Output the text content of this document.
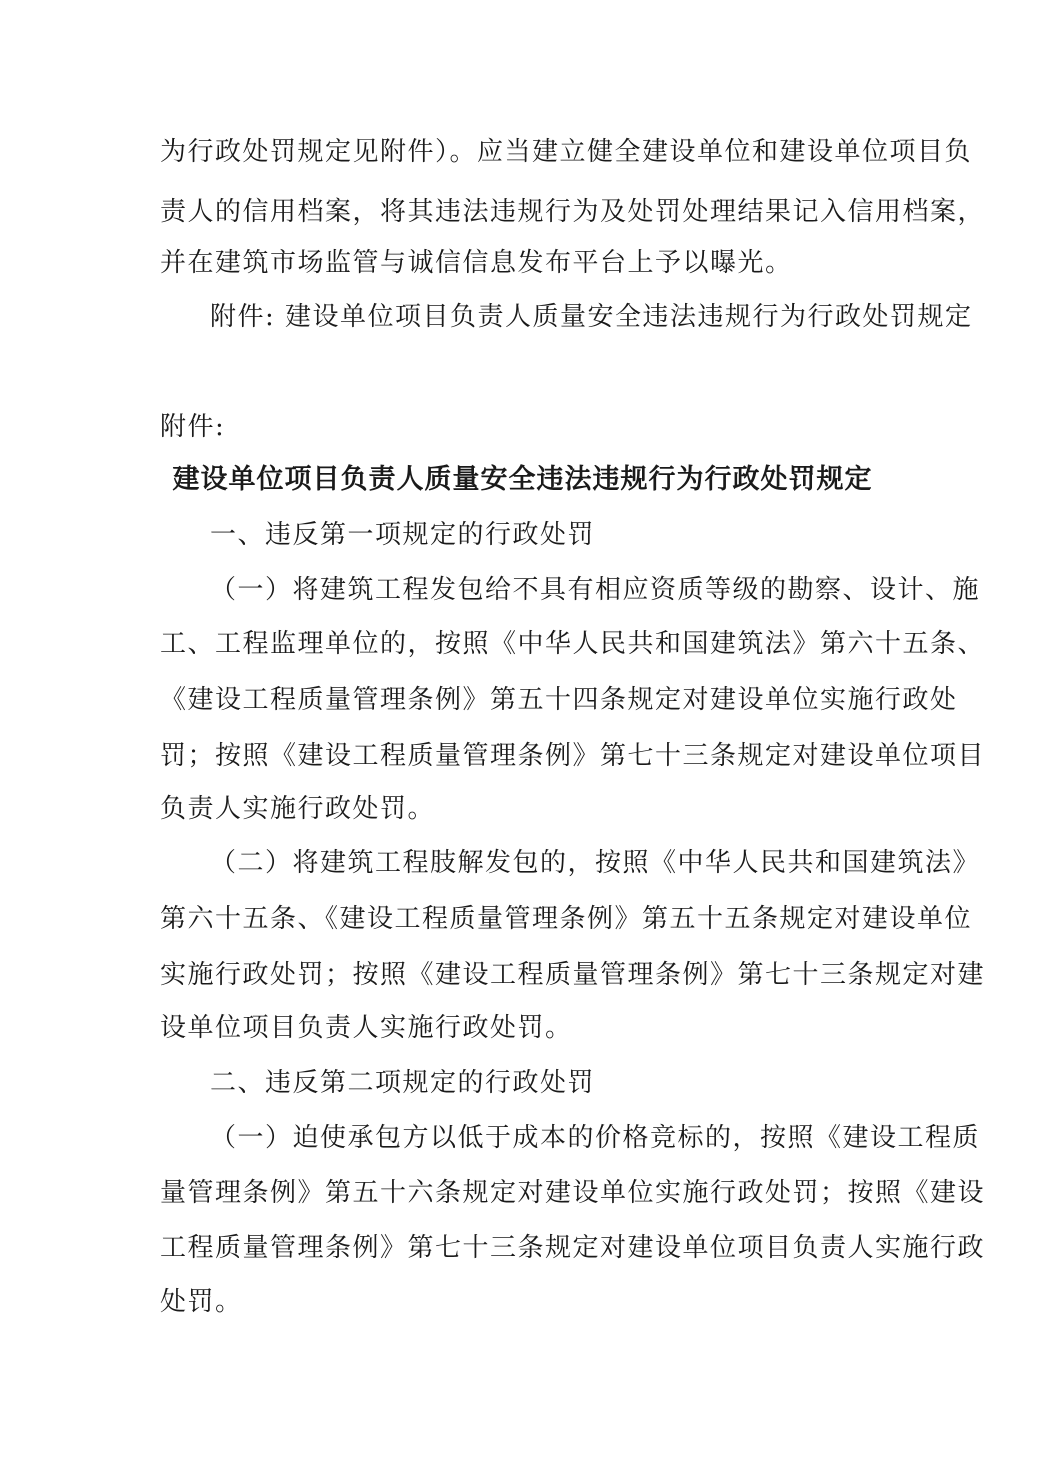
为行政处罚规定见附件）。应当建立健全建设单位和建设单位项目负
责人的信用档案，将其违法违规行为及处罚处理结果记入信用档案，
并在建筑市场监管与诚信信息发布平台上予以曝光。
附件: 建设单位项目负责人质量安全违法违规行为行政处罚规定
附件:
建设单位项目负责人质量安全违法违规行为行政处罚规定
一、违反第一项规定的行政处罚
（一）将建筑工程发包给不具有相应资质等级的勘察、设计、施
工、工程监理单位的，按照《中华人民共和国建筑法》第六十五条、
《建设工程质量管理条例》第五十四条规定对建设单位实施行政处
罚；按照《建设工程质量管理条例》第七十三条规定对建设单位项目
负责人实施行政处罚。
（二）将建筑工程肢解发包的，按照《中华人民共和国建筑法》
第六十五条、《建设工程质量管理条例》第五十五条规定对建设单位
实施行政处罚；按照《建设工程质量管理条例》第七十三条规定对建
设单位项目负责人实施行政处罚。
二、违反第二项规定的行政处罚
（一）迫使承包方以低于成本的价格竞标的，按照《建设工程质
量管理条例》第五十六条规定对建设单位实施行政处罚；按照《建设
工程质量管理条例》第七十三条规定对建设单位项目负责人实施行政
处罚。
